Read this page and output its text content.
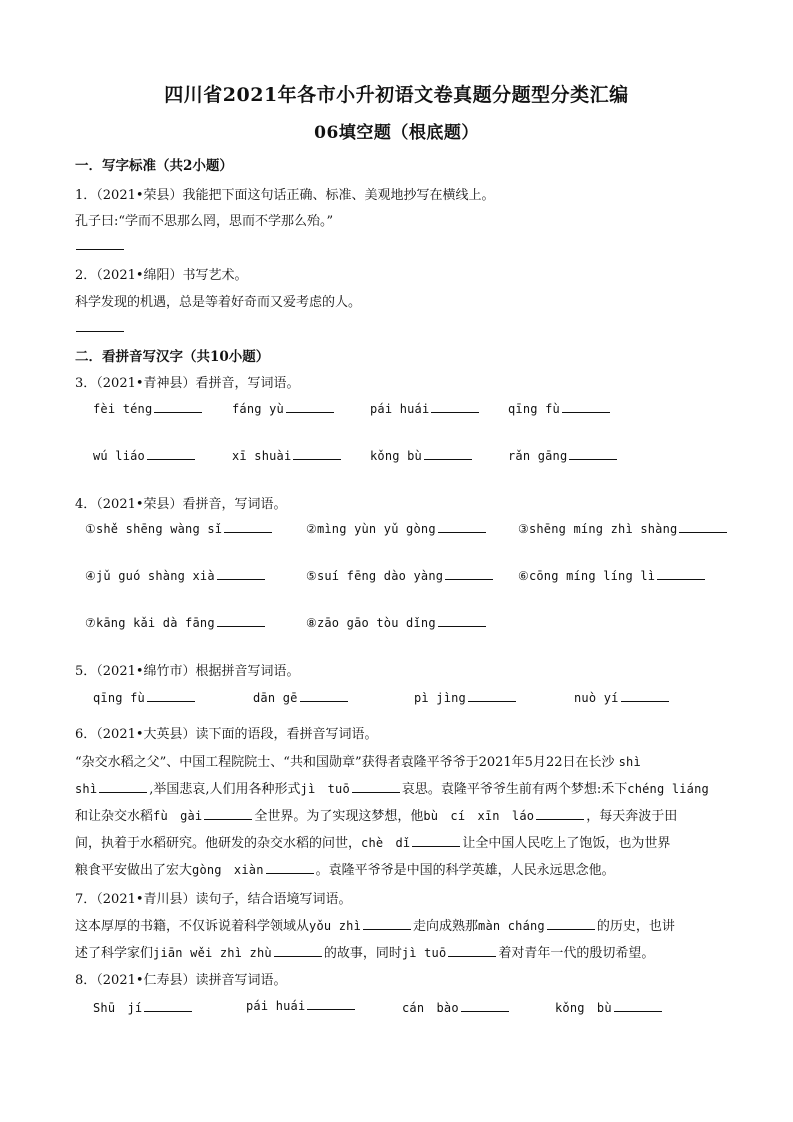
四川省2021年各市小升初语文卷真题分题型分类汇编
06填空题（根底题）
一．写字标准（共2小题）
1．（2021•荣县）我能把下面这句话正确、标准、美观地抄写在横线上。
孔子曰:“学而不思那么罔，思而不学那么殆。”
2．（2021•绵阳）书写艺术。
科学发现的机遇，总是等着好奇而又爱考虑的人。
二．看拼音写汉字（共10小题）
3．（2021•青神县）看拼音，写词语。
fèi téng	fáng yù	pái huái	qīng fù
wú liáo	xī shuài	kǒng bù	rǎn gāng
4．（2021•荣县）看拼音，写词语。
①shě shēng wàng sǐ	②mìng yùn yǔ gòng	③shēng míng zhì shàng
④jǔ guó shàng xià	⑤suí fēng dào yàng	⑥cōng míng líng lì
⑦kāng kǎi dà fāng	⑧zāo gāo tòu dǐng
5．（2021•绵竹市）根据拼音写词语。
qīng fù	dān gē	pì jìng	nuò yí
6．（2021•大英县）读下面的语段，看拼音写词语。
“杂交水稻之父”、中国工程院院士、“共和国勋章”获得者袁隆平爷爷于2021年5月22日在长沙 shì
shì	,举国悲哀,人们用各种形式jì　tuō	哀思。袁隆平爷爷生前有两个梦想:禾下chéng liáng
和让杂交水稻fù　gài	全世界。为了实现这梦想，他bù　cí　xīn　láo	，每天奔波于田
间，执着于水稻研究。他研发的杂交水稻的问世，chè　dǐ	让全中国人民吃上了饱饭，也为世界
粮食平安做出了宏大gòng　xiàn	。袁隆平爷爷是中国的科学英雄，人民永远思念他。
7．（2021•青川县）读句子，结合语境写词语。
这本厚厚的书籍，不仅诉说着科学领域从yǒu zhì	走向成熟那màn cháng	的历史，也讲
述了科学家们jiān wěi zhì zhù	的故事，同时jì tuō	着对青年一代的殷切希望。
8．（2021•仁寿县）读拼音写词语。
Shū　jí	pái huái	cán　bào	kǒng　bù
